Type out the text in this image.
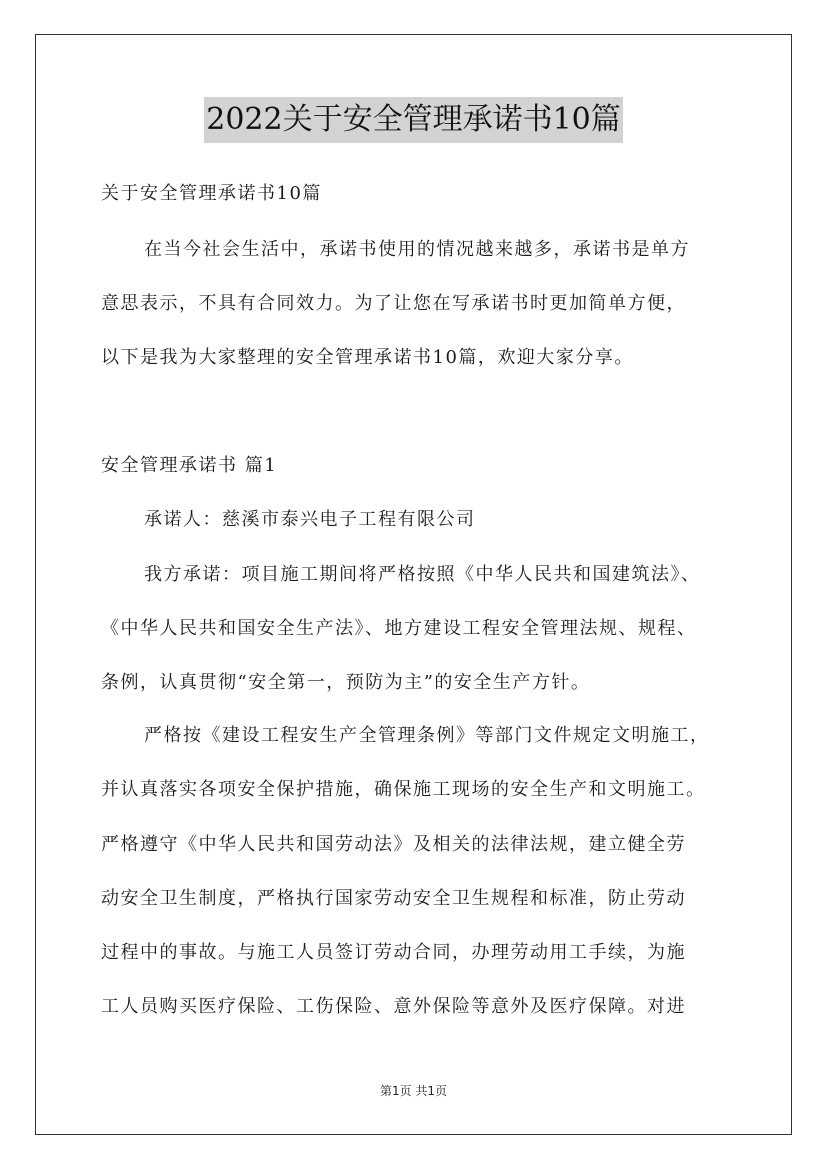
2022关于安全管理承诺书10篇
关于安全管理承诺书10篇
在当今社会生活中，承诺书使用的情况越来越多，承诺书是单方
意思表示，不具有合同效力。为了让您在写承诺书时更加简单方便，
以下是我为大家整理的安全管理承诺书10篇，欢迎大家分享。
安全管理承诺书 篇1
承诺人：慈溪市泰兴电子工程有限公司
我方承诺：项目施工期间将严格按照《中华人民共和国建筑法》、
《中华人民共和国安全生产法》、地方建设工程安全管理法规、规程、
条例，认真贯彻“安全第一，预防为主”的安全生产方针。
严格按《建设工程安生产全管理条例》等部门文件规定文明施工，
并认真落实各项安全保护措施，确保施工现场的安全生产和文明施工。
严格遵守《中华人民共和国劳动法》及相关的法律法规，建立健全劳
动安全卫生制度，严格执行国家劳动安全卫生规程和标准，防止劳动
过程中的事故。与施工人员签订劳动合同，办理劳动用工手续，为施
工人员购买医疗保险、工伤保险、意外保险等意外及医疗保障。对进
第1页 共1页
